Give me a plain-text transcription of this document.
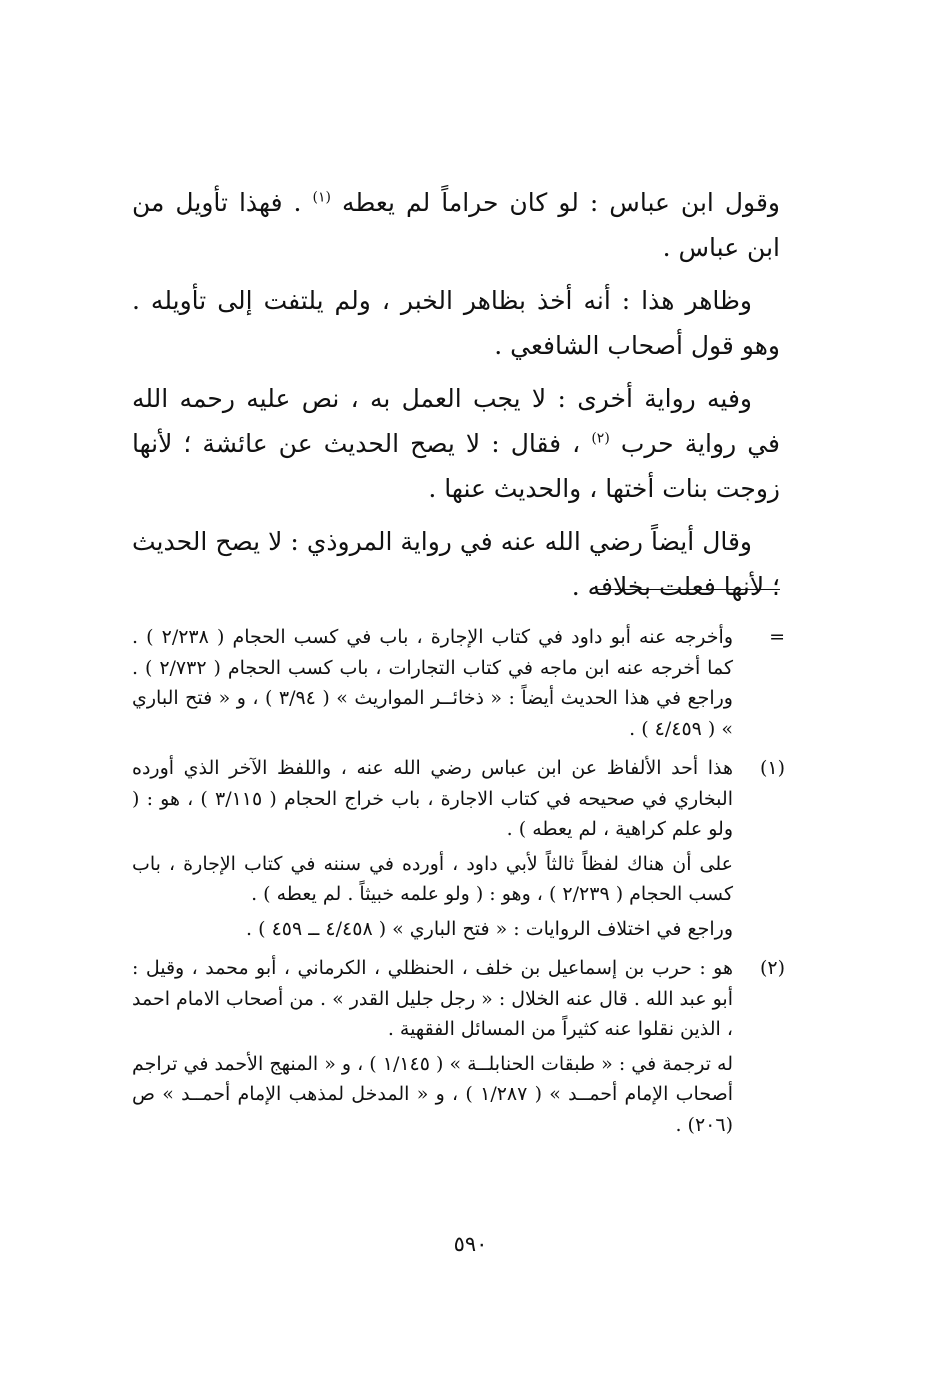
وقول ابن عباس : لو كان حراماً لم يعطه $^{(١)}$ . فهذا تأويل من ابن عباس .

وظاهر هذا : أنه أخذ بظاهر الخبر ، ولم يلتفت إلى تأويله . وهو قول أصحاب الشافعي .

وفيه رواية أخرى : لا يجب العمل به ، نص عليه رحمه الله في رواية حرب $^{(٢)}$ ، فقال : لا يصح الحديث عن عائشة ؛ لأنها زوجت بنات أختها ، والحديث عنها .

وقال أيضاً رضي الله عنه في رواية المروذي : لا يصح الحديث ؛ لأنها فعلت بخلافه .

=

وأخرجه عنه أبو داود في كتاب الإجارة ، باب في كسب الحجام ( ٢/٢٣٨ ) . كما أخرجه عنه ابن ماجه في كتاب التجارات ، باب كسب الحجام ( ٢/٧٣٢ ) . وراجع في هذا الحديث أيضاً : « ذخائــر المواريث » ( ٣/٩٤ ) ، و « فتح الباري » ( ٤/٤٥٩ ) .

(١)

هذا أحد الألفاظ عن ابن عباس رضي الله عنه ، واللفظ الآخر الذي أورده البخاري في صحيحه في كتاب الاجارة ، باب خراج الحجام ( ٣/١١٥ ) ، هو : ( ولو علم كراهية ، لم يعطه ) .

على أن هناك لفظاً ثالثاً لأبي داود ، أورده في سننه في كتاب الإجارة ، باب كسب الحجام ( ٢/٢٣٩ ) ، وهو : ( ولو علمه خبيثاً . لم يعطه ) .

وراجع في اختلاف الروايات : « فتح الباري » ( ٤/٤٥٨ ــ ٤٥٩ ) .

(٢)

هو : حرب بن إسماعيل بن خلف ، الحنظلي ، الكرماني ، أبو محمد ، وقيل : أبو عبد الله . قال عنه الخلال : « رجل جليل القدر » . من أصحاب الامام احمد ، الذين نقلوا عنه كثيراً من المسائل الفقهية .

له ترجمة في : « طبقات الحنابلــة » ( ١/١٤٥ ) ، و « المنهج الأحمد في تراجم أصحاب الإمام أحمــد » ( ١/٢٨٧ ) ، و « المدخل لمذهب الإمام أحمــد » ص (٢٠٦) .

٥٩٠
